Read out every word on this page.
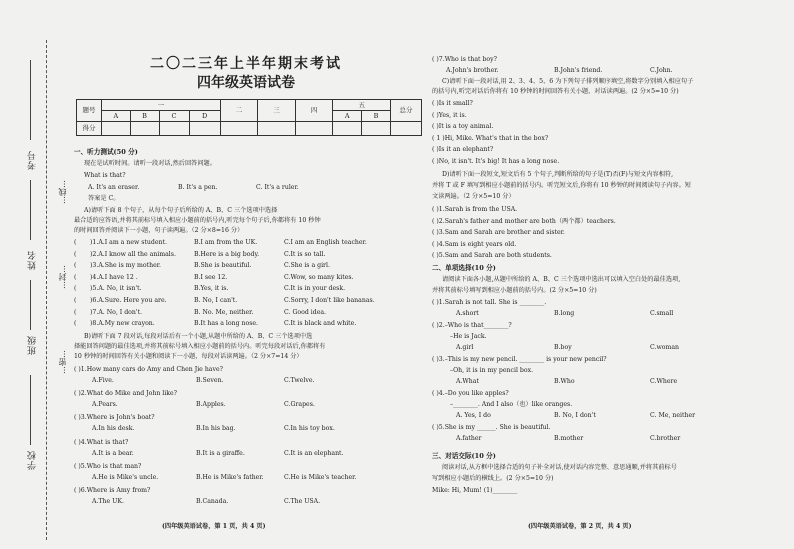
考号
姓名
班级
学校
…线…
…封…
…密…
二〇二三年上半年期末考试
四年级英语试卷
题号	一				二	三	四	五		总分
	A	B	C	D				A	B	
得分										
一、听力测试(50 分)
现在是试听时间。请听一段对话,然后回答问题。
What is that?
A. It's an eraser.	B. It's a pen.	C. It's a ruler.
答案是 C。
A)请听下面 8 个句子，从每个句子后所给的 A、B、C 三个选项中选择
最合适的应答语,并将其前标号填入相应小题前的括号内,听完每个句子后,你都将有 10 秒钟
的时间回答并阅读下一小题，句子读两遍。（2 分×8=16 分）
( )1.A.I am a new student.	B.I am from the UK.	C.I am an English teacher.
( )2.A.I know all the animals.	B.Here is a big body.	C.It is so tall.
( )3.A.She is my mother.	B.She is beautiful.	C.She is a girl.
( )4.A.I have 12 .	B.I see 12.	C.Wow, so many kites.
( )5.A. No, it isn't.	B.Yes, it is.	C.It is in your desk.
( )6.A.Sure. Here you are.	B. No, I can't.	C.Sorry, I don't like bananas.
( )7.A. No, I don't.	B. No. Me, neither.	C. Good idea.
( )8.A.My new crayon.	B.It has a long nose.	C.It is black and white.
B)请听下面 7 段对话,每段对话后有一个小题,从题中所给的 A、B、C 三个选项中选
择能回答问题的最佳选项,并将其前标号填入相应小题前的括号内。听完每段对话后,你都将有
10 秒钟的时间回答有关小题和阅读下一小题，每段对话读两遍。（2 分×7=14 分）
( )1.How many cars do Amy and Chen Jie have?
A.Five.	B.Seven.	C.Twelve.
( )2.What do Mike and John like?
A.Pears.	B.Apples.	C.Grapes.
( )3.Where is John's boat?
A.In his desk.	B.In his bag.	C.In his toy box.
( )4.What is that?
A.It is a bear.	B.It is a giraffe.	C.It is an elephant.
( )5.Who is that man?
A.He is Mike's uncle.	B.He is Mike's father.	C.He is Mike's teacher.
( )6.Where is Amy from?
A.The UK.	B.Canada.	C.The USA.
(四年级英语试卷，第 1 页，共 4 页)
( )7.Who is that boy?
A.John's brother.	B.John's friend.	C.John.
C)请听下面一段对话,用 2、3、4、5、6 为下列句子排列顺序填空,将数字分别填入相应句子
的括号内,听完对话后你将有 10 秒钟的时间回答有关小题，对话读两遍。(2 分×5=10 分)
( )Is it small?
( )Yes, it is.
( )It is a toy animal.
( 1 )Hi, Mike. What's that in the box?
( )Is it an elephant?
( )No, it isn't. It's big! It has a long nose.
D)请听下面一段短文,短文后有 5 个句子,判断所给的句子是(T)否(F)与短文内容相符,
并将 T 或 F 填写到相应小题前的括号内。听完短文后,你将有 10 秒钟的时间阅读句子内容。短
文读两遍。（2 分×5=10 分）
( )1.Sarah is from the USA.
( )2.Sarah's father and mother are both（两个都）teachers.
( )3.Sam and Sarah are brother and sister.
( )4.Sam is eight years old.
( )5.Sam and Sarah are both students.
二、单项选择(10 分)
请阅读下面各小题,从题中所给的 A、B、C 三个选项中选出可以填入空白处的最佳选项,
并将其前标号填写到相应小题前的括号内。(2 分×5=10 分)
( )1.Sarah is not tall. She is ________.
A.short	B.long	C.small
( )2.–Who is that________?
–He is Jack.
A.girl	B.boy	C.woman
( )3.–This is my new pencil. ________ is your new pencil?
–Oh, it is in my pencil box.
A.What	B.Who	C.Where
( )4.–Do you like apples?
–________. And I also（也）like oranges.
A. Yes, I do	B. No, I don't	C. Me, neither
( )5.She is my ______. She is beautiful.
A.father	B.mother	C.brother
三、对话交际(10 分)
阅读对话,从方框中选择合适的句子补全对话,使对话内容完整、意思通顺,并将其前标号
写到相应小题后的横线上。(2 分×5=10 分)
Mike: Hi, Mum! (1)________
(四年级英语试卷，第 2 页，共 4 页)
